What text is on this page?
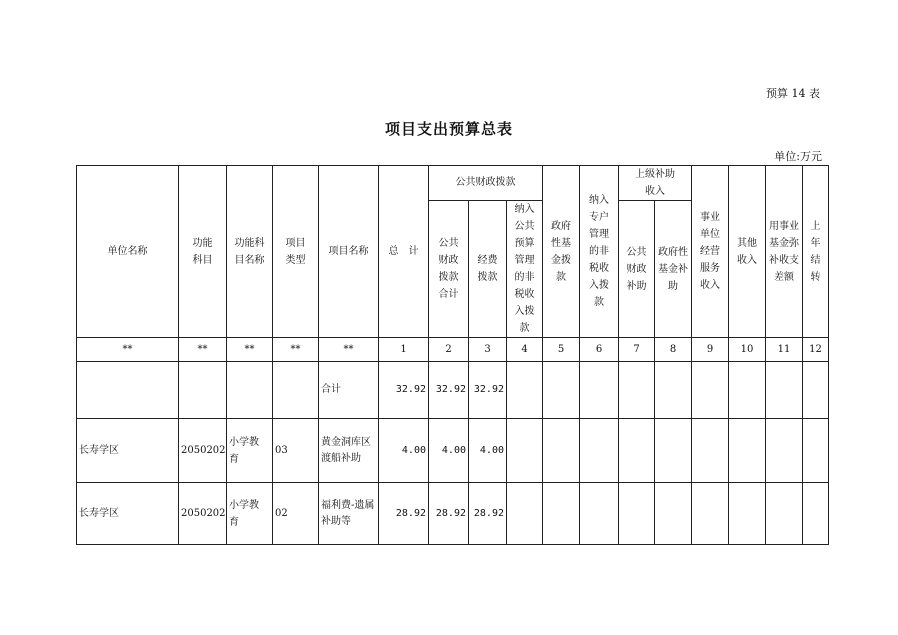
预算 14 表
项目支出预算总表
单位:万元
单位名称	功能科目	功能科目名称	项目类型	项目名称	总　计	公共财政拨款			政府性基金拨款	纳入专户管理的非税收入拨款	上级补助收入		事业单位经营服务收入	其他收入	用事业基金弥补收支差额	上年结转
						公共财政拨款合计	经费拨款	纳入公共预算管理的非税收入拨款			公共财政补助	政府性基金补助				

**	**	**	**	**	1	2	3	4	5	6	7	8	9	10	11	12
				合计	32.92	32.92	32.92									
长寿学区	2050202	小学教育	03	黄金洞库区渡船补助	4.00	4.00	4.00									
长寿学区	2050202	小学教育	02	福利费-遗属补助等	28.92	28.92	28.92									
